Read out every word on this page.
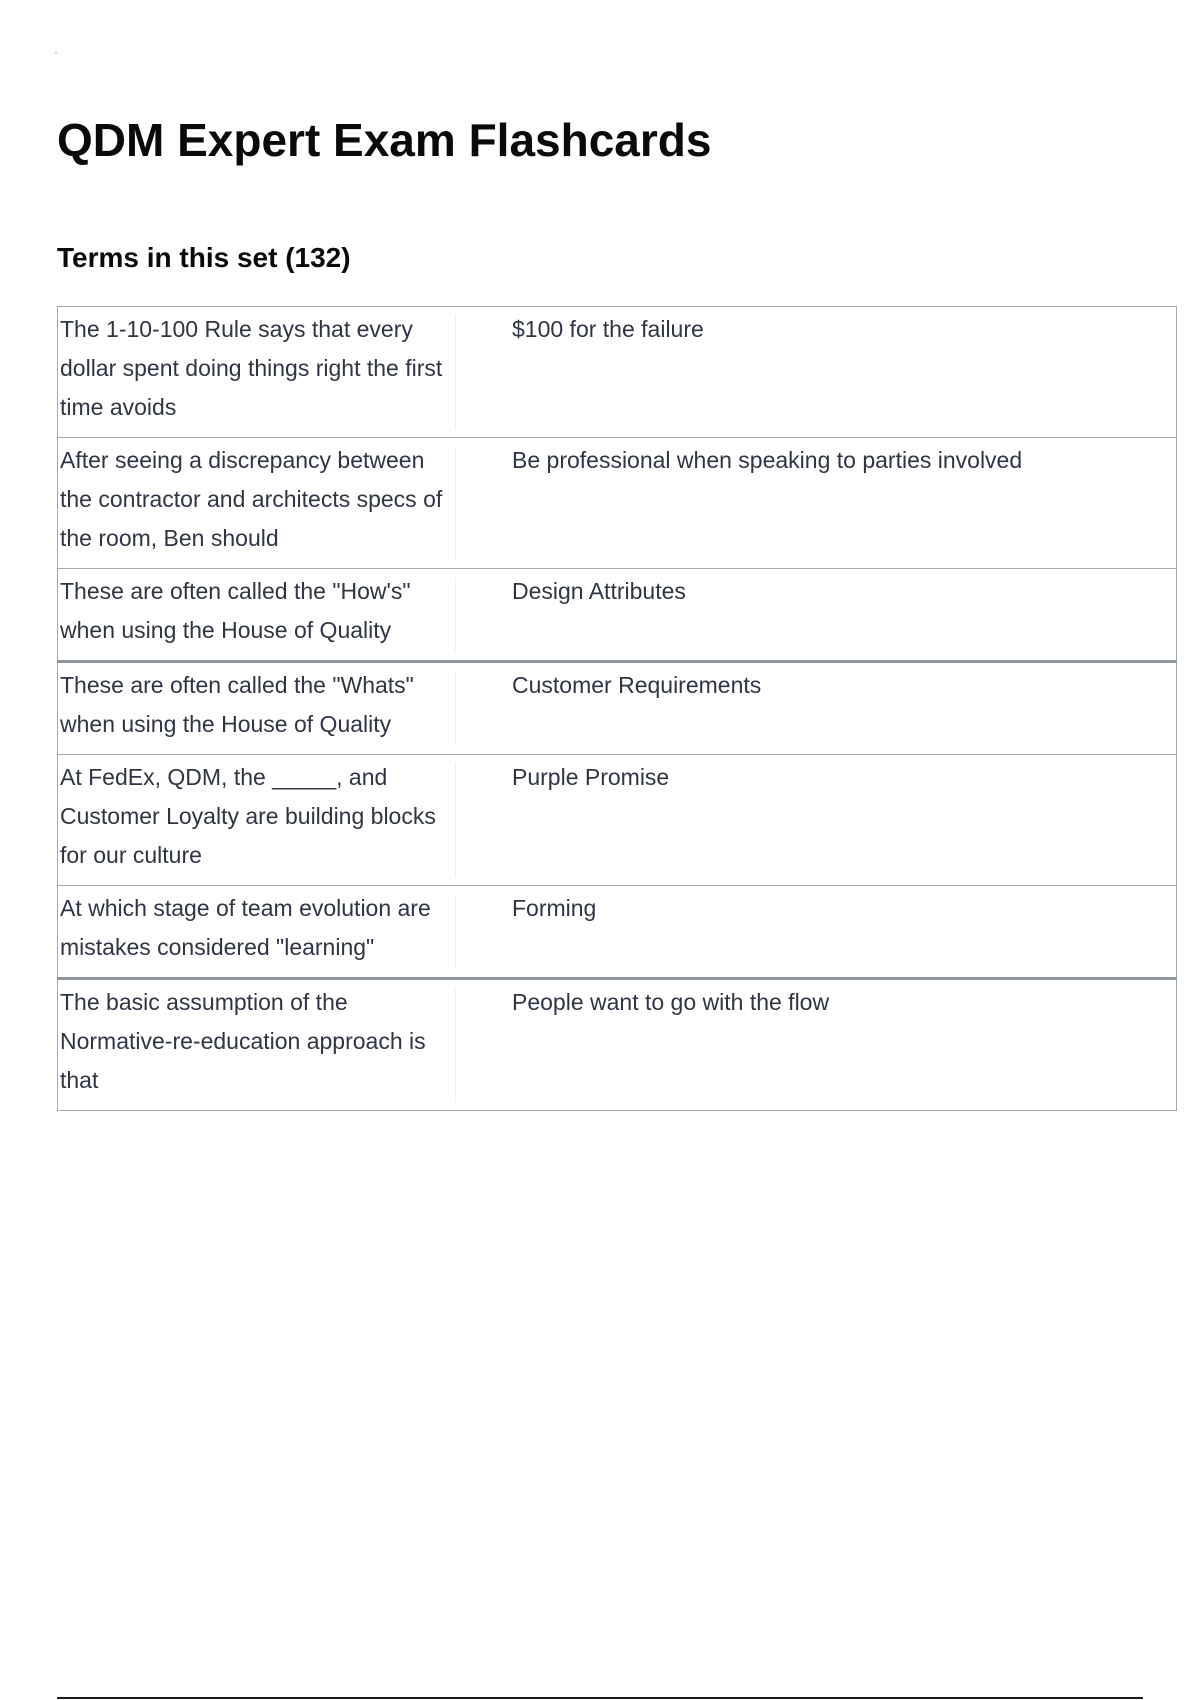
QDM Expert Exam Flashcards
Terms in this set (132)
The 1-10-100 Rule says that every dollar spent doing things right the first time avoids	$100 for the failure
After seeing a discrepancy between the contractor and architects specs of the room, Ben should	Be professional when speaking to parties involved
These are often called the "How's" when using the House of Quality	Design Attributes
These are often called the "Whats" when using the House of Quality	Customer Requirements
At FedEx, QDM, the _____, and Customer Loyalty are building blocks for our culture	Purple Promise
At which stage of team evolution are mistakes considered "learning"	Forming
The basic assumption of the Normative-re-education approach is that	People want to go with the flow
